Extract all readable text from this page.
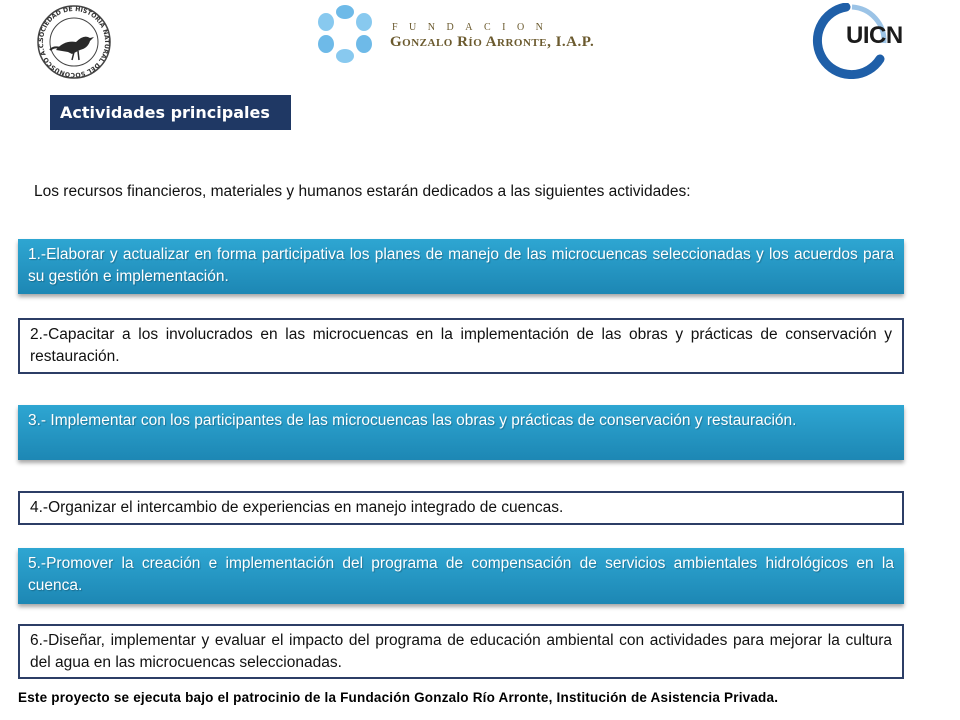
SOCIEDAD DE HISTORIA NATURAL DEL SOCONUSCO A.C.
FUNDACION
Gonzalo Río Arronte, I.A.P.	UICN
Actividades principales
Los recursos financieros, materiales y humanos estarán dedicados a las siguientes actividades:
1.-Elaborar y actualizar en forma participativa los planes de manejo de las microcuencas seleccionadas y los acuerdos para su gestión e implementación.
2.-Capacitar a los involucrados en las microcuencas en la implementación de las obras y prácticas de conservación y restauración.
3.- Implementar con los participantes de las microcuencas las obras y prácticas de conservación y restauración.
4.-Organizar el intercambio de experiencias en manejo integrado de cuencas.
5.-Promover la creación e implementación del programa de compensación de servicios ambientales hidrológicos en la cuenca.
6.-Diseñar, implementar y evaluar el impacto del programa de educación ambiental con actividades para mejorar la cultura del agua en las microcuencas seleccionadas.
Este proyecto se ejecuta bajo el patrocinio de la Fundación Gonzalo Río Arronte, Institución de Asistencia Privada.
